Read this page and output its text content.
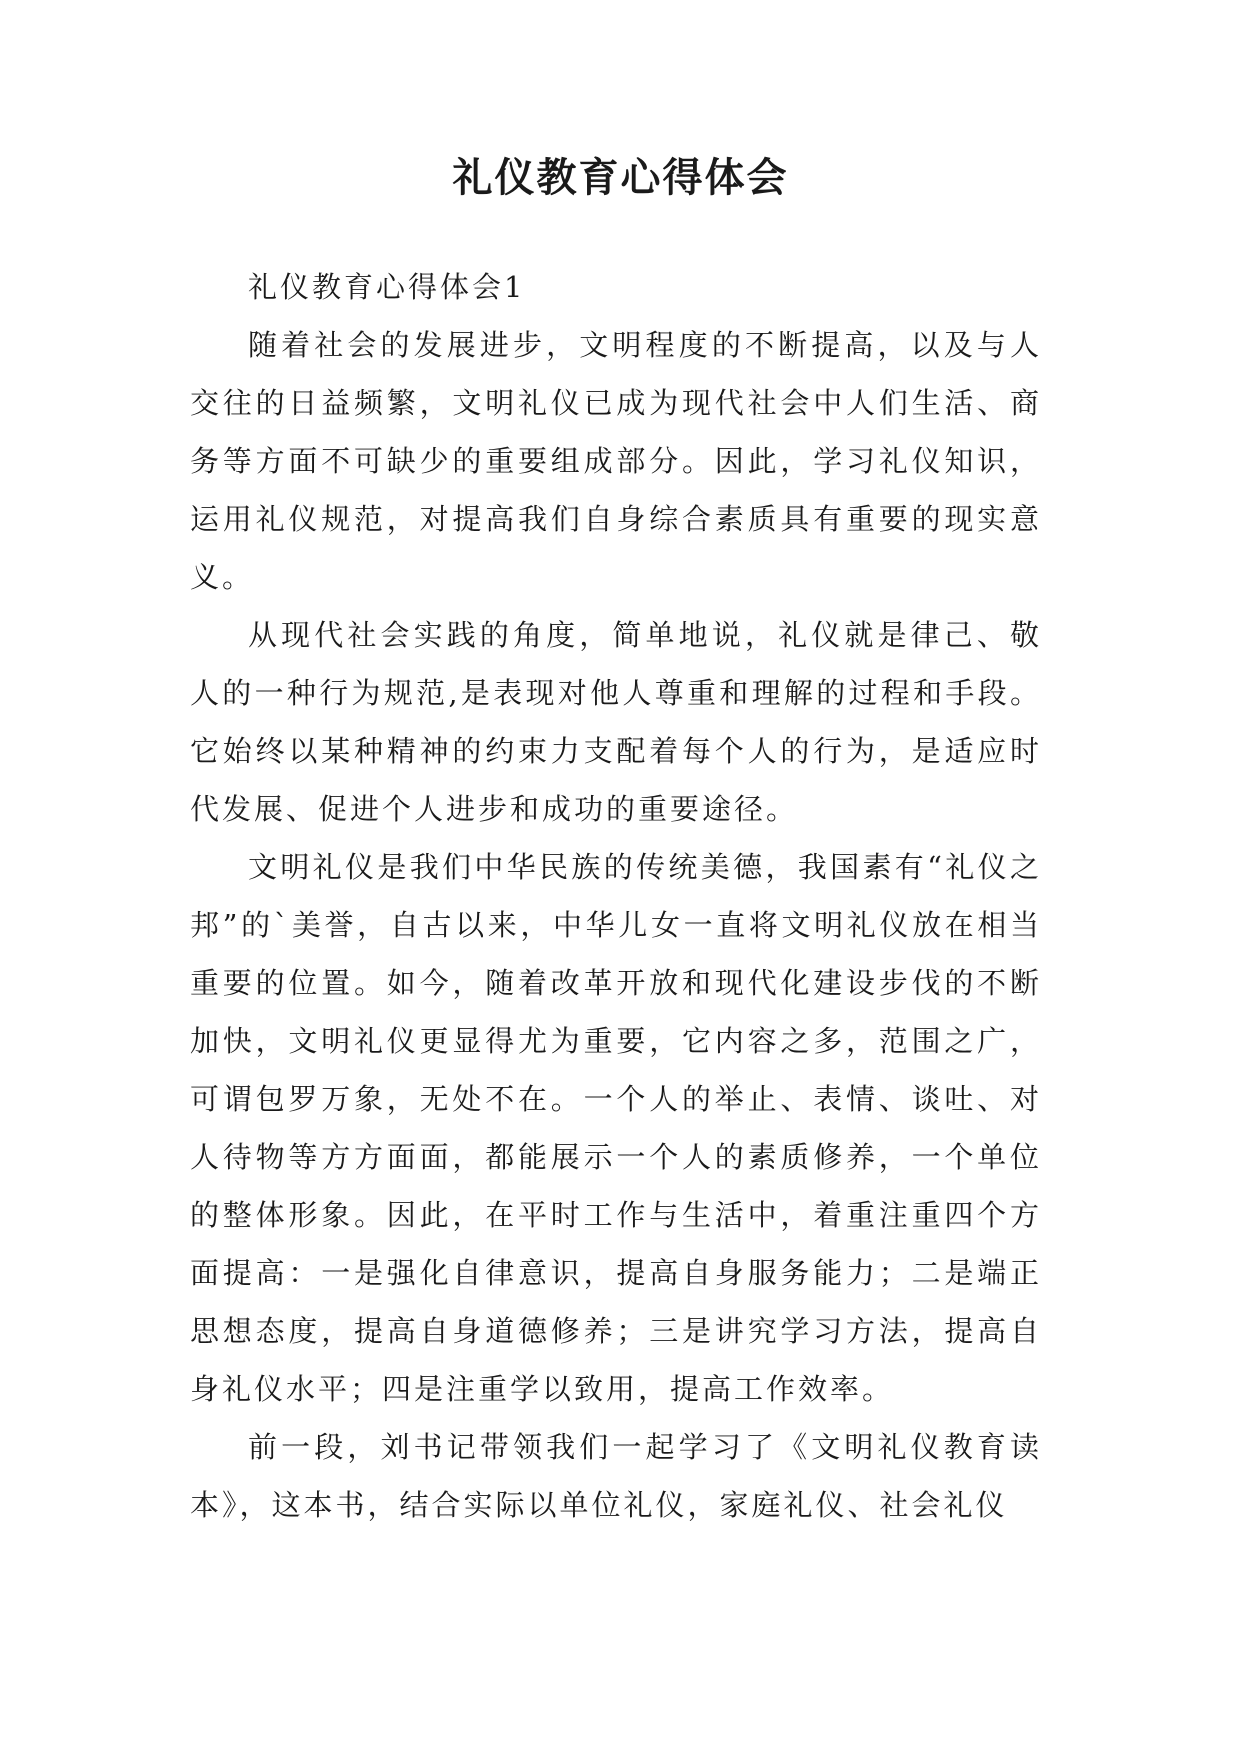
礼仪教育心得体会

礼仪教育心得体会1

随着社会的发展进步，文明程度的不断提高，以及与人交往的日益频繁，文明礼仪已成为现代社会中人们生活、商务等方面不可缺少的重要组成部分。因此，学习礼仪知识，运用礼仪规范，对提高我们自身综合素质具有重要的现实意义。

从现代社会实践的角度，简单地说，礼仪就是律己、敬人的一种行为规范,是表现对他人尊重和理解的过程和手段。它始终以某种精神的约束力支配着每个人的行为，是适应时代发展、促进个人进步和成功的重要途径。

文明礼仪是我们中华民族的传统美德，我国素有“礼仪之邦”的`美誉，自古以来，中华儿女一直将文明礼仪放在相当重要的位置。如今，随着改革开放和现代化建设步伐的不断加快，文明礼仪更显得尤为重要，它内容之多，范围之广，可谓包罗万象，无处不在。一个人的举止、表情、谈吐、对人待物等方方面面，都能展示一个人的素质修养，一个单位的整体形象。因此，在平时工作与生活中，着重注重四个方面提高：一是强化自律意识，提高自身服务能力；二是端正思想态度，提高自身道德修养；三是讲究学习方法，提高自身礼仪水平；四是注重学以致用，提高工作效率。

前一段，刘书记带领我们一起学习了《文明礼仪教育读本》，这本书，结合实际以单位礼仪，家庭礼仪、社会礼仪
